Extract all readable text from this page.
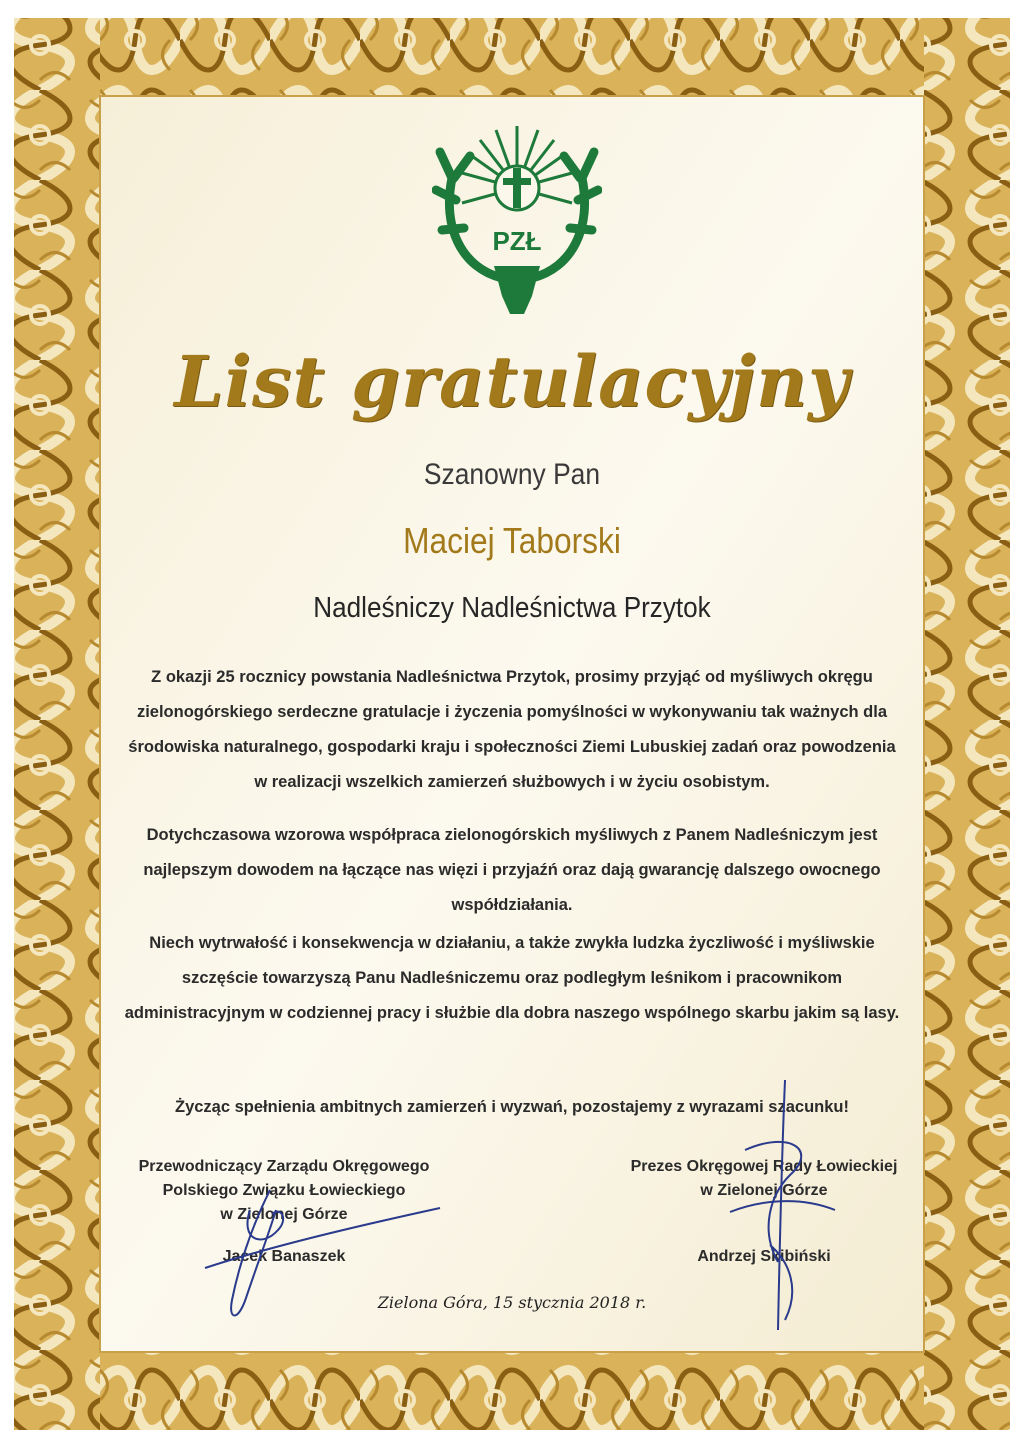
PZŁ
List gratulacyjny
Szanowny Pan
Maciej Taborski
Nadleśniczy Nadleśnictwa Przytok
Z okazji 25 rocznicy powstania Nadleśnictwa Przytok, prosimy przyjąć od myśliwych okręgu zielonogórskiego serdeczne gratulacje i życzenia pomyślności w wykonywaniu tak ważnych dla środowiska naturalnego, gospodarki kraju i społeczności Ziemi Lubuskiej zadań oraz powodzenia w realizacji wszelkich zamierzeń służbowych i w życiu osobistym.
Dotychczasowa wzorowa współpraca zielonogórskich myśliwych z Panem Nadleśniczym jest najlepszym dowodem na łączące nas więzi i przyjaźń oraz dają gwarancję dalszego owocnego współdziałania.
Niech wytrwałość i konsekwencja w działaniu, a także zwykła ludzka życzliwość i myśliwskie szczęście towarzyszą Panu Nadleśniczemu oraz podległym leśnikom i pracownikom administracyjnym w codziennej pracy i służbie dla dobra naszego wspólnego skarbu jakim są lasy.
Życząc spełnienia ambitnych zamierzeń i wyzwań, pozostajemy z wyrazami szacunku!
Przewodniczący Zarządu Okręgowego
Polskiego Związku Łowieckiego
w Zielonej Górze
Jacek Banaszek
Prezes Okręgowej Rady Łowieckiej
w Zielonej Górze
Andrzej Skibiński
Zielona Góra, 15 stycznia 2018 r.
